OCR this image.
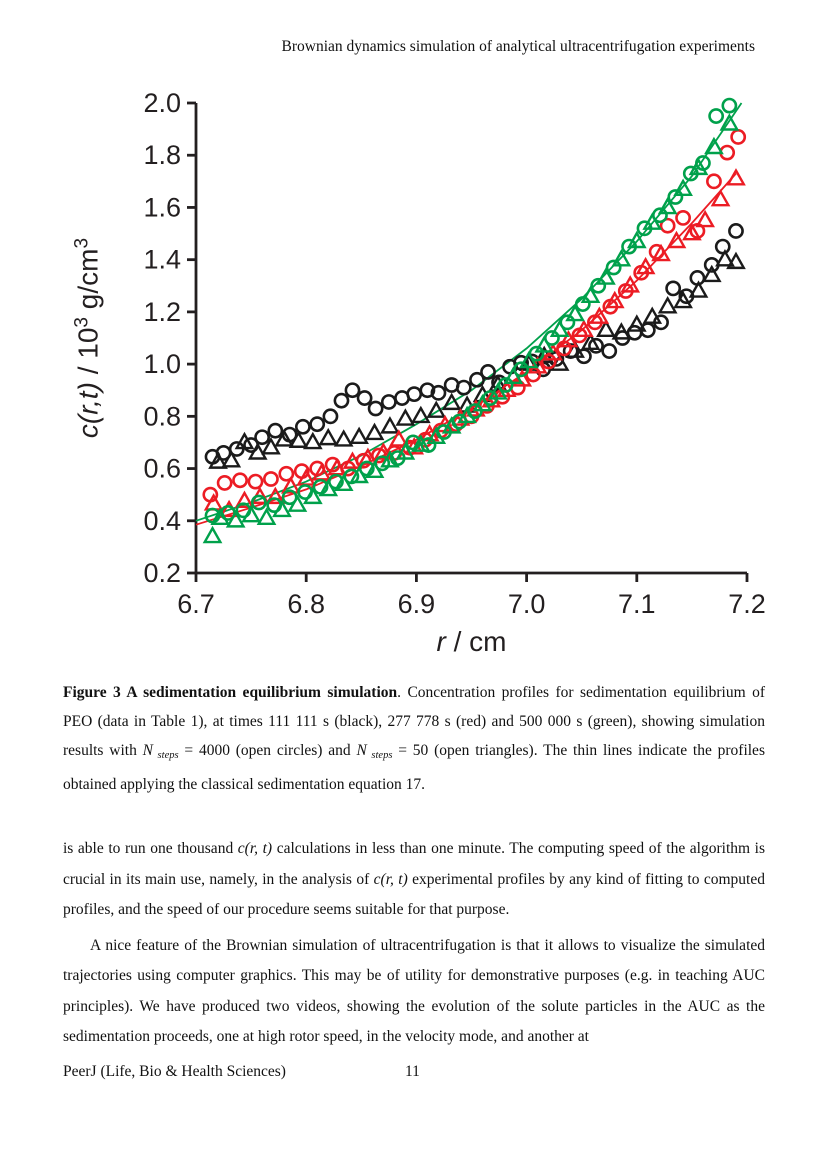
Brownian dynamics simulation of analytical ultracentrifugation experiments
6.7	6.8	6.9	7.0	7.1	7.2
0.2
0.4
0.6
0.8
1.0
1.2
1.4
1.6
1.8
2.0
r / cm
$c(r,t) / 10^3$ $g/cm^3$
Figure 3 A sedimentation equilibrium simulation. Concentration profiles for sedimentation equilibrium of PEO (data in Table 1), at times 111 111 s (black), 277 778 s (red) and 500 000 s (green), showing simulation results with N steps = 4000 (open circles) and N steps = 50 (open triangles). The thin lines indicate the profiles obtained applying the classical sedimentation equation 17.

is able to run one thousand c(r, t) calculations in less than one minute. The computing speed of the algorithm is crucial in its main use, namely, in the analysis of c(r, t) experimental profiles by any kind of fitting to computed profiles, and the speed of our procedure seems suitable for that purpose.

A nice feature of the Brownian simulation of ultracentrifugation is that it allows to visualize the simulated trajectories using computer graphics. This may be of utility for demonstrative purposes (e.g. in teaching AUC principles). We have produced two videos, showing the evolution of the solute particles in the AUC as the sedimentation proceeds, one at high rotor speed, in the velocity mode, and another at

PeerJ (Life, Bio & Health Sciences)	11
